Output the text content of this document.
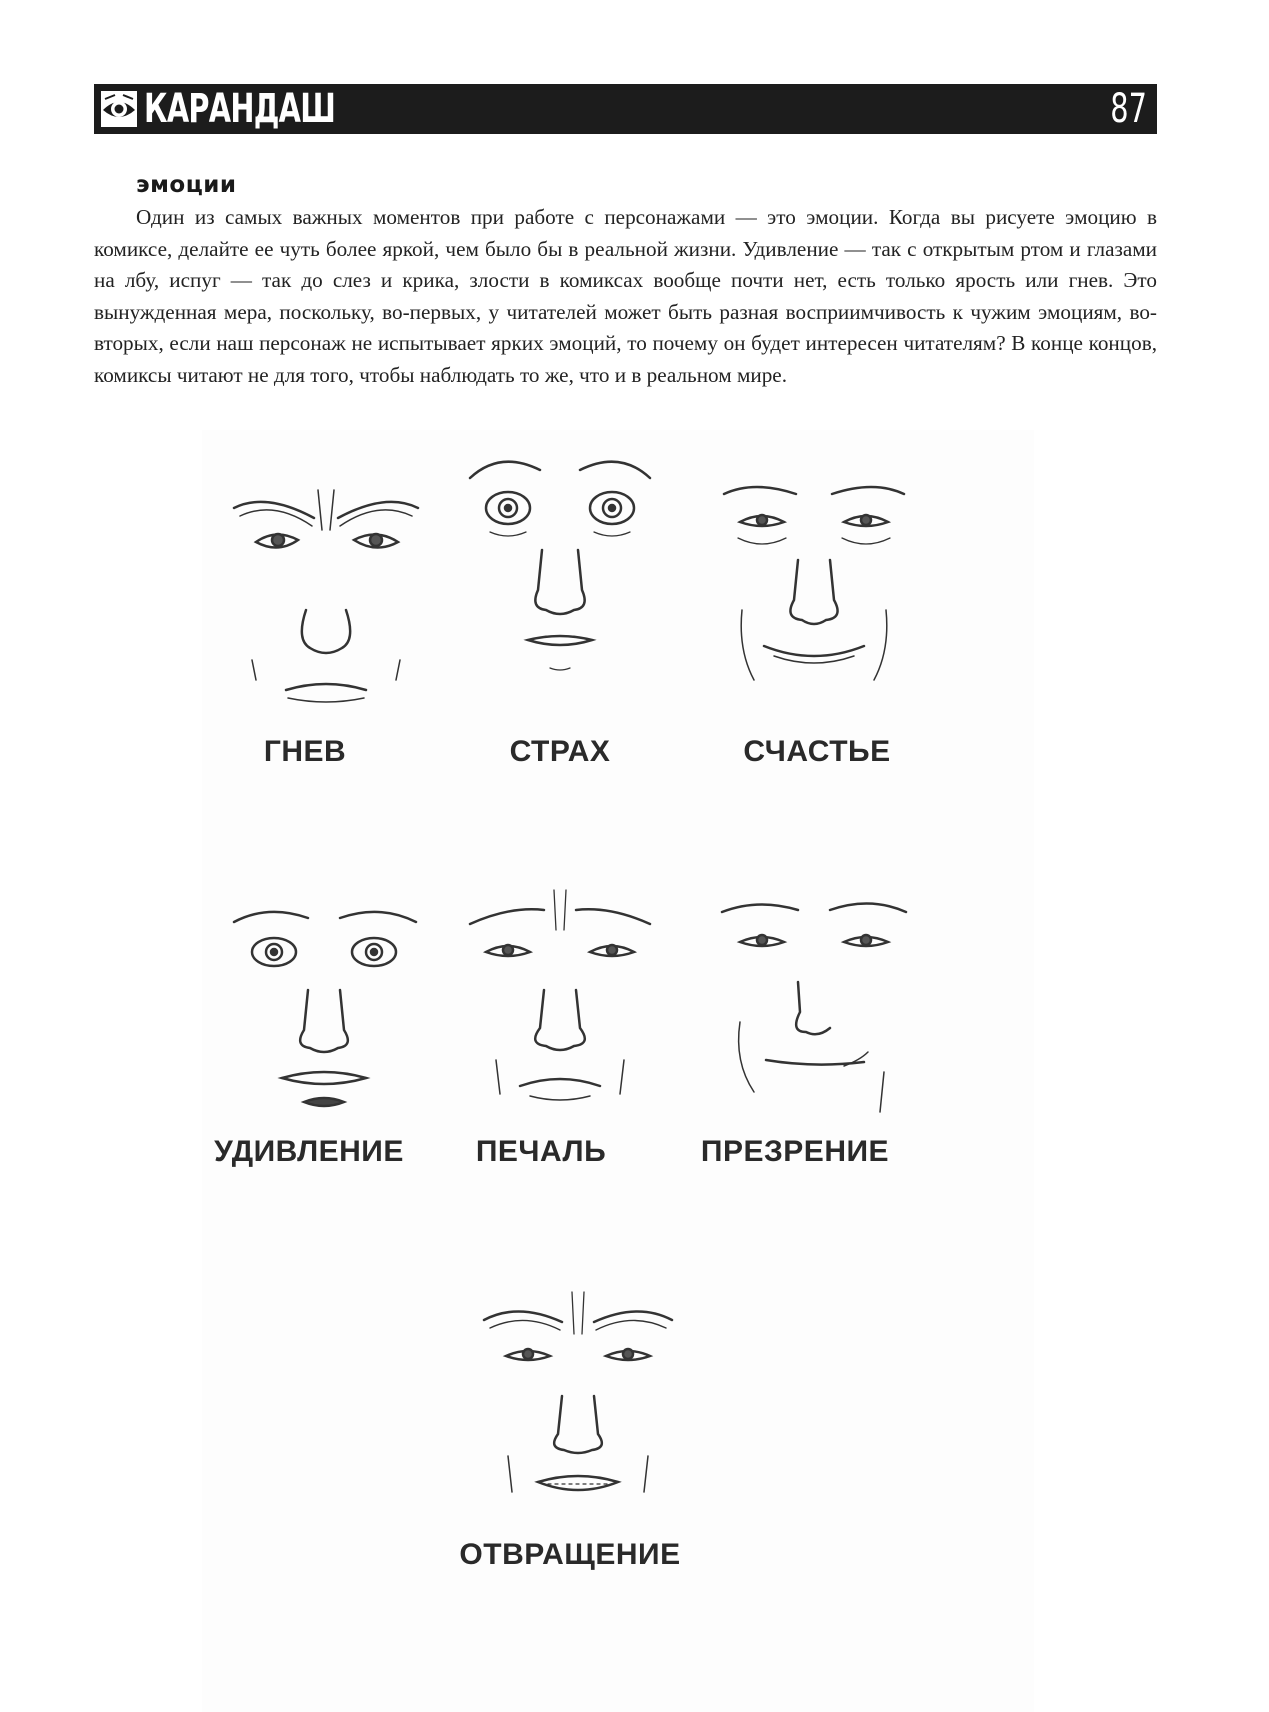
КАРАНДАШ	87
эмоции

Один из самых важных моментов при работе с персонажами — это эмоции. Когда вы рисуете эмоцию в комиксе, делайте ее чуть более яркой, чем было бы в реальной жизни. Удивление — так с открытым ртом и глазами на лбу, испуг — так до слез и крика, злости в комиксах вообще почти нет, есть только ярость или гнев. Это вынужденная мера, поскольку, во-первых, у читателей может быть разная восприимчивость к чужим эмоциям, во-вторых, если наш персонаж не испытывает ярких эмоций, то почему он будет интересен читателям? В конце концов, комиксы читают не для того, чтобы наблюдать то же, что и в реальном мире.

ГНЕВ	СТРАХ	СЧАСТЬЕ
УДИВЛЕНИЕ	ПЕЧАЛЬ	ПРЕЗРЕНИЕ
ОТВРАЩЕНИЕ
